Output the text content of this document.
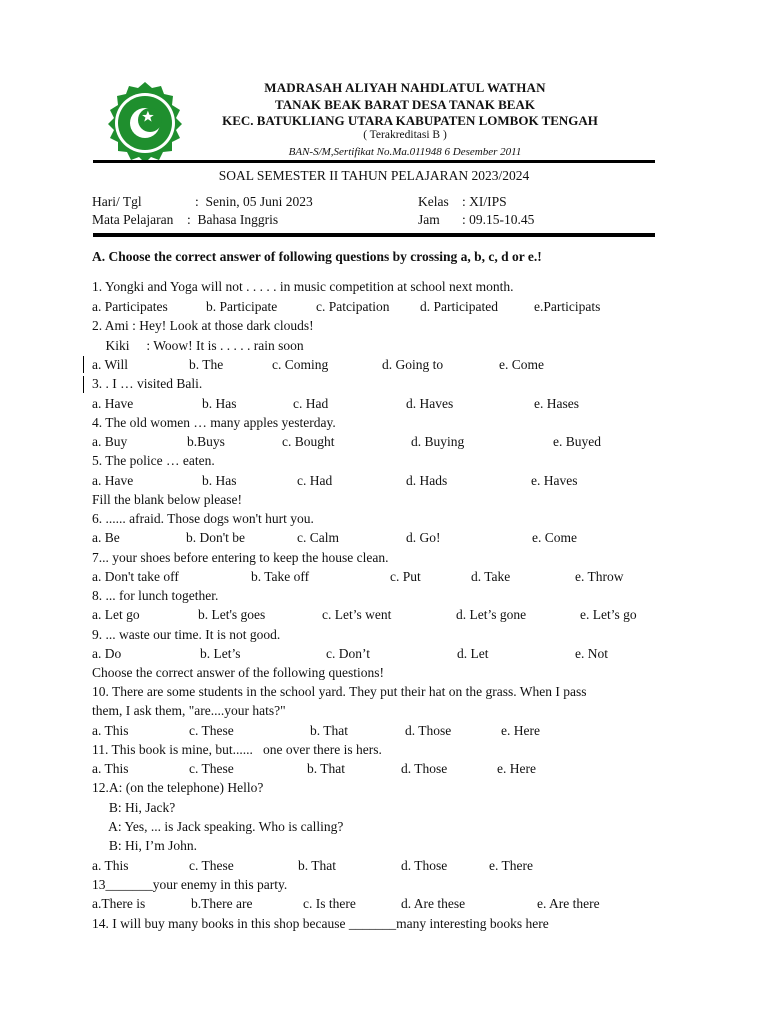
MADRASAH ALIYAH NAHDLATUL WATHAN
TANAK BEAK BARAT DESA TANAK BEAK
KEC. BATUKLIANG UTARA KABUPATEN LOMBOK TENGAH
( Terakreditasi B )
BAN-S/M,Sertifikat No.Ma.011948 6 Desember 2011
SOAL SEMESTER II TAHUN PELAJARAN 2023/2024
Hari/ Tgl	:  Senin, 05 Juni 2023	Kelas : XI/IPS
Mata Pelajaran :  Bahasa Inggris	Jam : 09.15-10.45
A. Choose the correct answer of following questions by crossing a, b, c, d or e.!
1. Yongki and Yoga will not . . . . . in music competition at school next month.
a. Participates	b. Participate	c. Patcipation d. Participated	e.Participats
2. Ami : Hey! Look at those dark clouds!
Kiki     : Woow! It is . . . . . rain soon
a. Will	b. The	c. Coming	d. Going to	e. Come
3. . I … visited Bali.
a. Have	b. Has	c. Had	d. Haves	e. Hases
4. The old women … many apples yesterday.
a. Buy	b.Buys	c. Bought	d. Buying	e. Buyed
5. The police … eaten.
a. Have	b. Has	c. Had	d. Hads	e. Haves
Fill the blank below please!
6. ...... afraid. Those dogs won't hurt you.
a. Be	b. Don't be	c. Calm	d. Go!	e. Come
7... your shoes before entering to keep the house clean.
a. Don't take off	b. Take off	c. Put	d. Take	e. Throw
8. ... for lunch together.
a. Let go	b. Let's goes	c. Let’s went	d. Let’s gone	e. Let’s go
9. ... waste our time. It is not good.
a. Do	b. Let’s	c. Don’t	d. Let	e. Not
Choose the correct answer of the following questions!
10. There are some students in the school yard. They put their hat on the grass. When I pass
them, I ask them, "are....your hats?"
a. This	c. These	b. That	d. Those	e. Here
11. This book is mine, but......   one over there is hers.
a. This	c. These	b. That	d. Those	e. Here
12.A: (on the telephone) Hello?
B: Hi, Jack?
A: Yes, ... is Jack speaking. Who is calling?
B: Hi, I’m John.
a. This	c. These	b. That	d. Those	e. There
13_______your enemy in this party.
a.There is	b.There are	c. Is there	d. Are these	e. Are there
14. I will buy many books in this shop because _______many interesting books here
